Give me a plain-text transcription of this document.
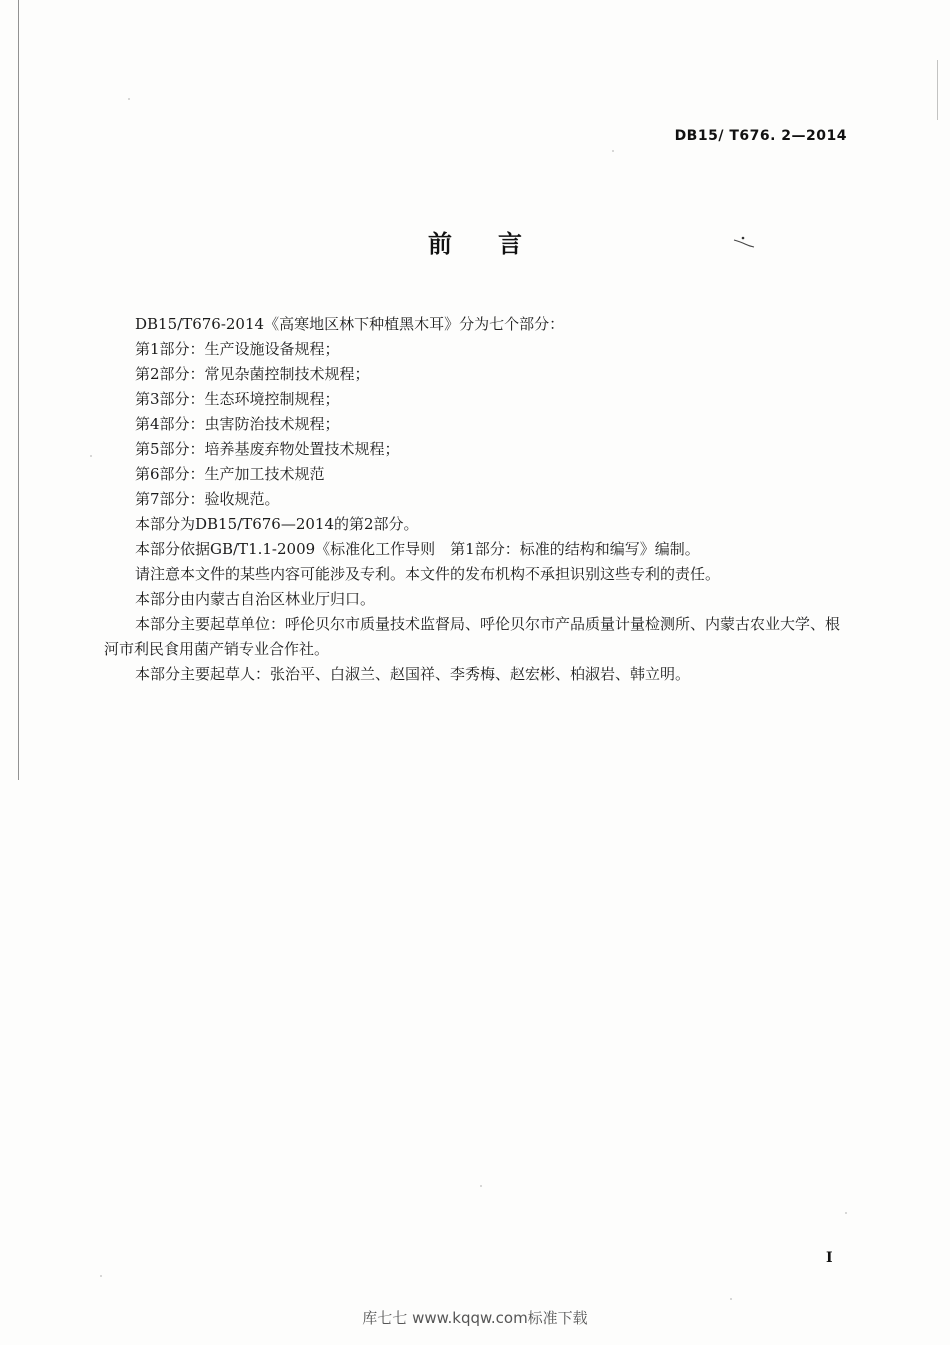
DB15/ T676. 2—2014
前言

DB15/T676-2014《高寒地区林下种植黑木耳》分为七个部分：

第1部分：生产设施设备规程；

第2部分：常见杂菌控制技术规程；

第3部分：生态环境控制规程；

第4部分：虫害防治技术规程；

第5部分：培养基废弃物处置技术规程；

第6部分：生产加工技术规范

第7部分：验收规范。

本部分为DB15/T676—2014的第2部分。

本部分依据GB/T1.1-2009《标准化工作导则　第1部分：标准的结构和编写》编制。

请注意本文件的某些内容可能涉及专利。本文件的发布机构不承担识别这些专利的责任。

本部分由内蒙古自治区林业厅归口。

本部分主要起草单位：呼伦贝尔市质量技术监督局、呼伦贝尔市产品质量计量检测所、内蒙古农业大学、根河市利民食用菌产销专业合作社。

本部分主要起草人：张治平、白淑兰、赵国祥、李秀梅、赵宏彬、柏淑岩、韩立明。

I
库七七 www.kqqw.com标准下载
